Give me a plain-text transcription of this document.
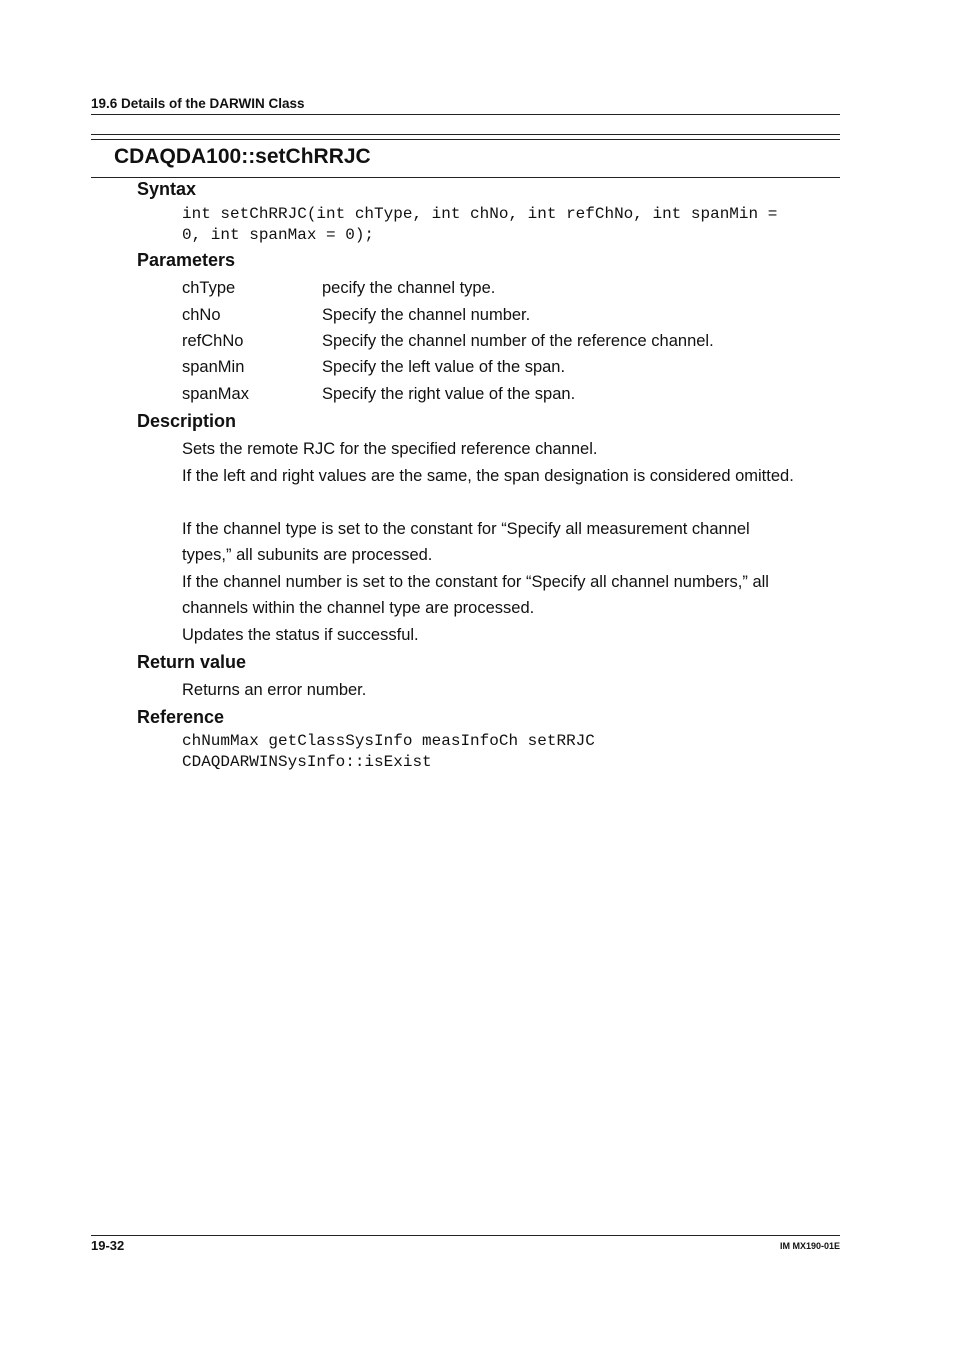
19.6 Details of the DARWIN Class
CDAQDA100::setChRRJC
Syntax
int setChRRJC(int chType, int chNo, int refChNo, int spanMin =
0, int spanMax = 0);
Parameters
chType	pecify the channel type.
chNo	Specify the channel number.
refChNo	Specify the channel number of the reference channel.
spanMin	Specify the left value of the span.
spanMax	Specify the right value of the span.
Description
Sets the remote RJC for the specified reference channel.
If the left and right values are the same, the span designation is considered omitted.
If the channel type is set to the constant for “Specify all measurement channel
types,” all subunits are processed.
If the channel number is set to the constant for “Specify all channel numbers,” all
channels within the channel type are processed.
Updates the status if successful.
Return value
Returns an error number.
Reference
chNumMax getClassSysInfo measInfoCh setRRJC
CDAQDARWINSysInfo::isExist
19-32	IM MX190-01E
